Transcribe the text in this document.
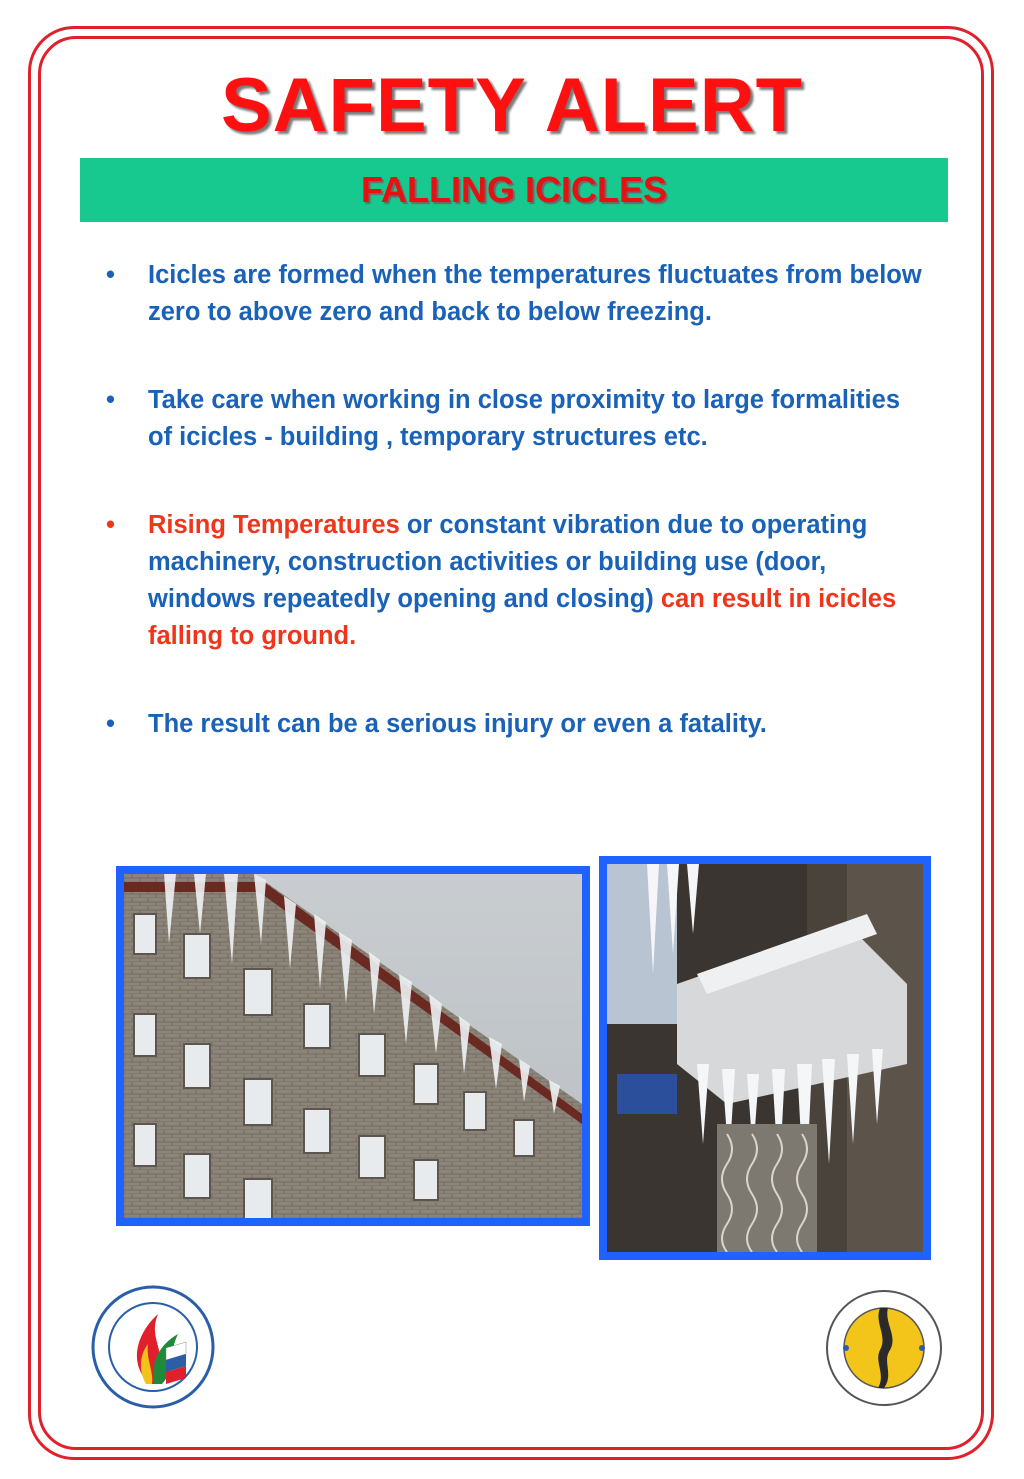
SAFETY ALERT
FALLING ICICLES
• Icicles are formed when the temperatures fluctuates from below zero to above zero and back to below freezing.
• Take care when working in close proximity to large formalities of icicles - building , temporary structures etc.
• Rising Temperatures or constant vibration due to operating machinery, construction activities or building use (door, windows repeatedly opening and closing) can result in icicles falling to ground.
• The result can be a serious injury or even a fatality.
